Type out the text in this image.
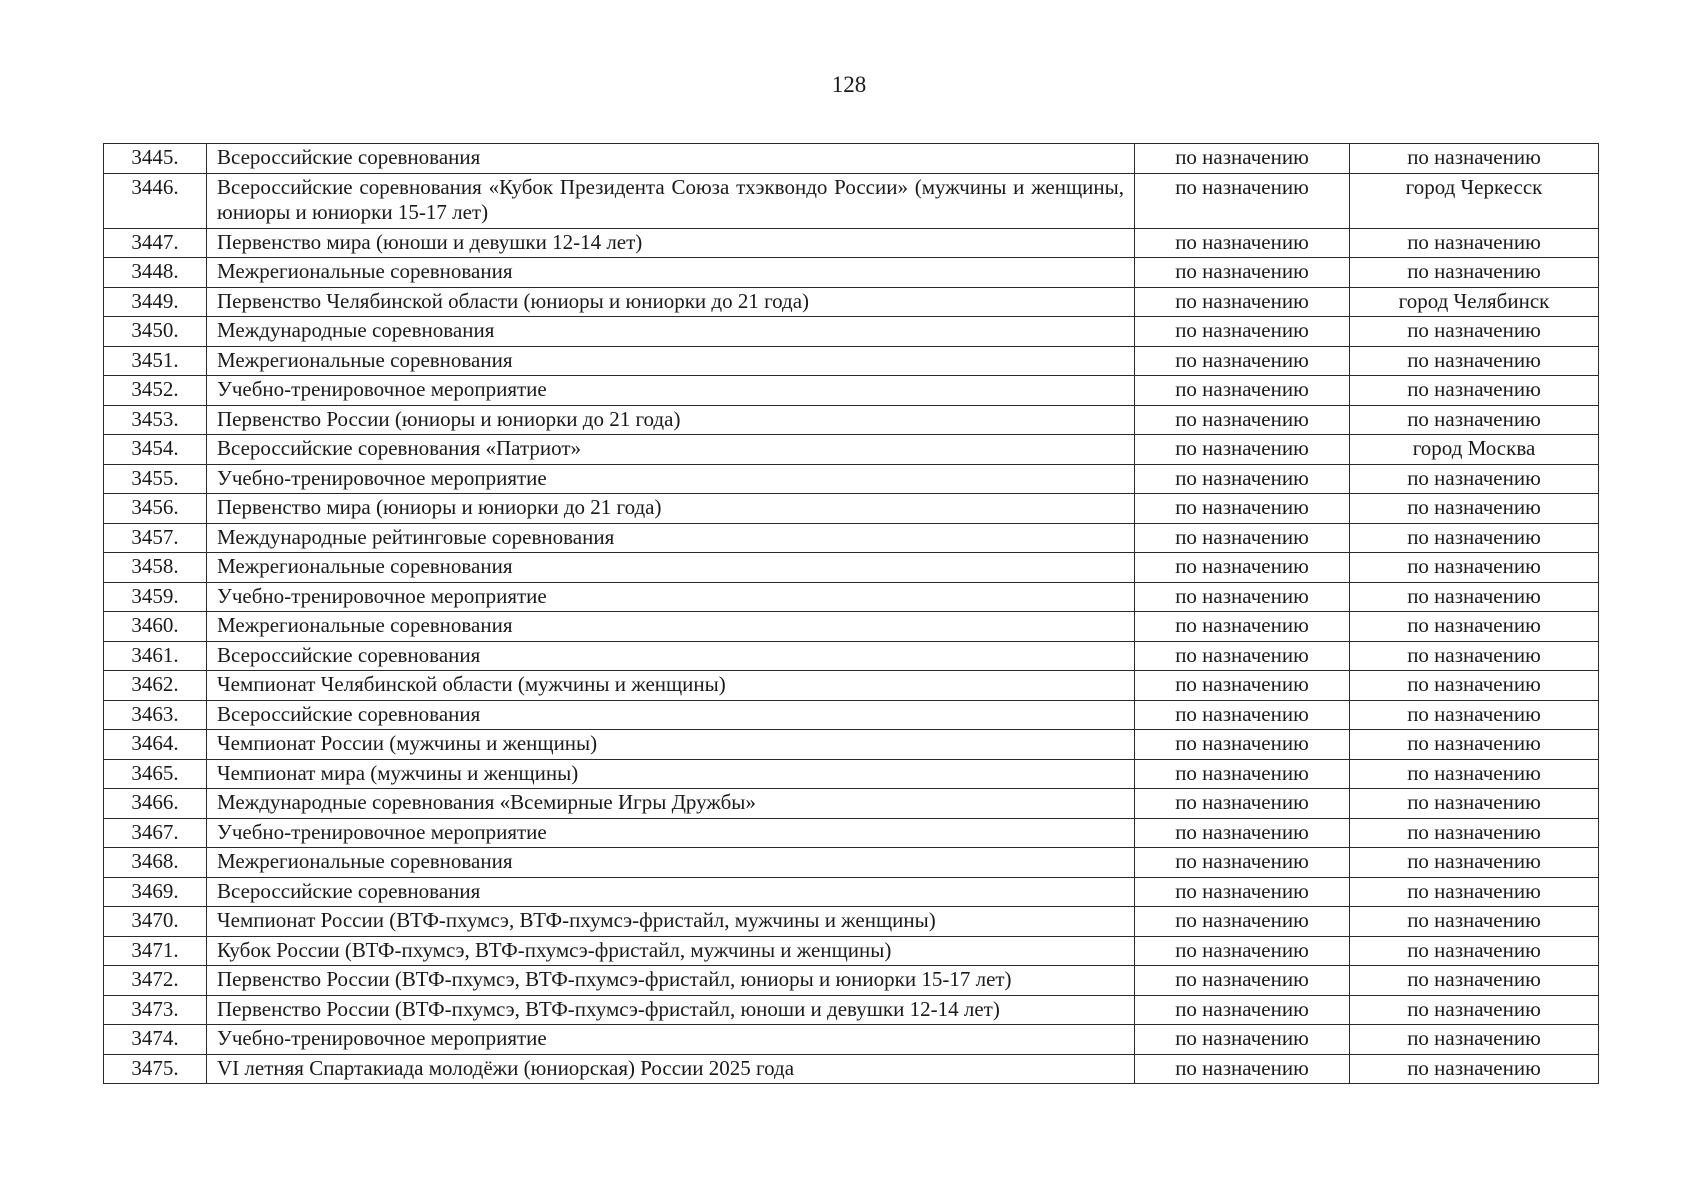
128
3445.	Всероссийские соревнования	по назначению	по назначению
3446.	Всероссийские соревнования «Кубок Президента Союза тхэквондо России» (мужчины и женщины, юниоры и юниорки 15-17 лет)	по назначению	город Черкесск
3447.	Первенство мира (юноши и девушки 12-14 лет)	по назначению	по назначению
3448.	Межрегиональные соревнования	по назначению	по назначению
3449.	Первенство Челябинской области (юниоры и юниорки до 21 года)	по назначению	город Челябинск
3450.	Международные соревнования	по назначению	по назначению
3451.	Межрегиональные соревнования	по назначению	по назначению
3452.	Учебно-тренировочное мероприятие	по назначению	по назначению
3453.	Первенство России (юниоры и юниорки до 21 года)	по назначению	по назначению
3454.	Всероссийские соревнования «Патриот»	по назначению	город Москва
3455.	Учебно-тренировочное мероприятие	по назначению	по назначению
3456.	Первенство мира (юниоры и юниорки до 21 года)	по назначению	по назначению
3457.	Международные рейтинговые соревнования	по назначению	по назначению
3458.	Межрегиональные соревнования	по назначению	по назначению
3459.	Учебно-тренировочное мероприятие	по назначению	по назначению
3460.	Межрегиональные соревнования	по назначению	по назначению
3461.	Всероссийские соревнования	по назначению	по назначению
3462.	Чемпионат Челябинской области (мужчины и женщины)	по назначению	по назначению
3463.	Всероссийские соревнования	по назначению	по назначению
3464.	Чемпионат России (мужчины и женщины)	по назначению	по назначению
3465.	Чемпионат мира (мужчины и женщины)	по назначению	по назначению
3466.	Международные соревнования «Всемирные Игры Дружбы»	по назначению	по назначению
3467.	Учебно-тренировочное мероприятие	по назначению	по назначению
3468.	Межрегиональные соревнования	по назначению	по назначению
3469.	Всероссийские соревнования	по назначению	по назначению
3470.	Чемпионат России (ВТФ-пхумсэ, ВТФ-пхумсэ-фристайл, мужчины и женщины)	по назначению	по назначению
3471.	Кубок России (ВТФ-пхумсэ, ВТФ-пхумсэ-фристайл, мужчины и женщины)	по назначению	по назначению
3472.	Первенство России (ВТФ-пхумсэ, ВТФ-пхумсэ-фристайл, юниоры и юниорки 15-17 лет)	по назначению	по назначению
3473.	Первенство России (ВТФ-пхумсэ, ВТФ-пхумсэ-фристайл, юноши и девушки 12-14 лет)	по назначению	по назначению
3474.	Учебно-тренировочное мероприятие	по назначению	по назначению
3475.	VI летняя Спартакиада молодёжи (юниорская) России 2025 года	по назначению	по назначению
